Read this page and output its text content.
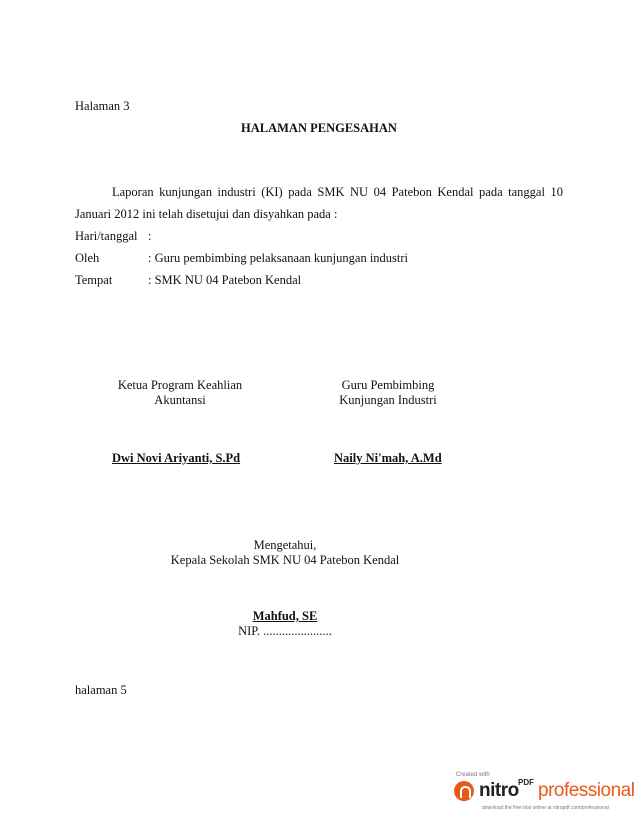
Halaman 3
HALAMAN PENGESAHAN
Laporan kunjungan industri (KI) pada SMK NU 04 Patebon Kendal pada tanggal 10
Januari 2012 ini telah disetujui dan disyahkan pada :
Hari/tanggal :
Oleh	: Guru pembimbing pelaksanaan kunjungan industri
Tempat	: SMK NU 04 Patebon Kendal
Ketua Program Keahlian
Akuntansi
Dwi Novi Ariyanti, S.Pd
Guru Pembimbing
Kunjungan Industri
Naily Ni'mah, A.Md
Mengetahui,
Kepala Sekolah SMK NU 04 Patebon Kendal
Mahfud, SE
NIP. ......................
halaman 5
Created with
nitro PDF professional
download the free trial online at nitropdf.com/professional
